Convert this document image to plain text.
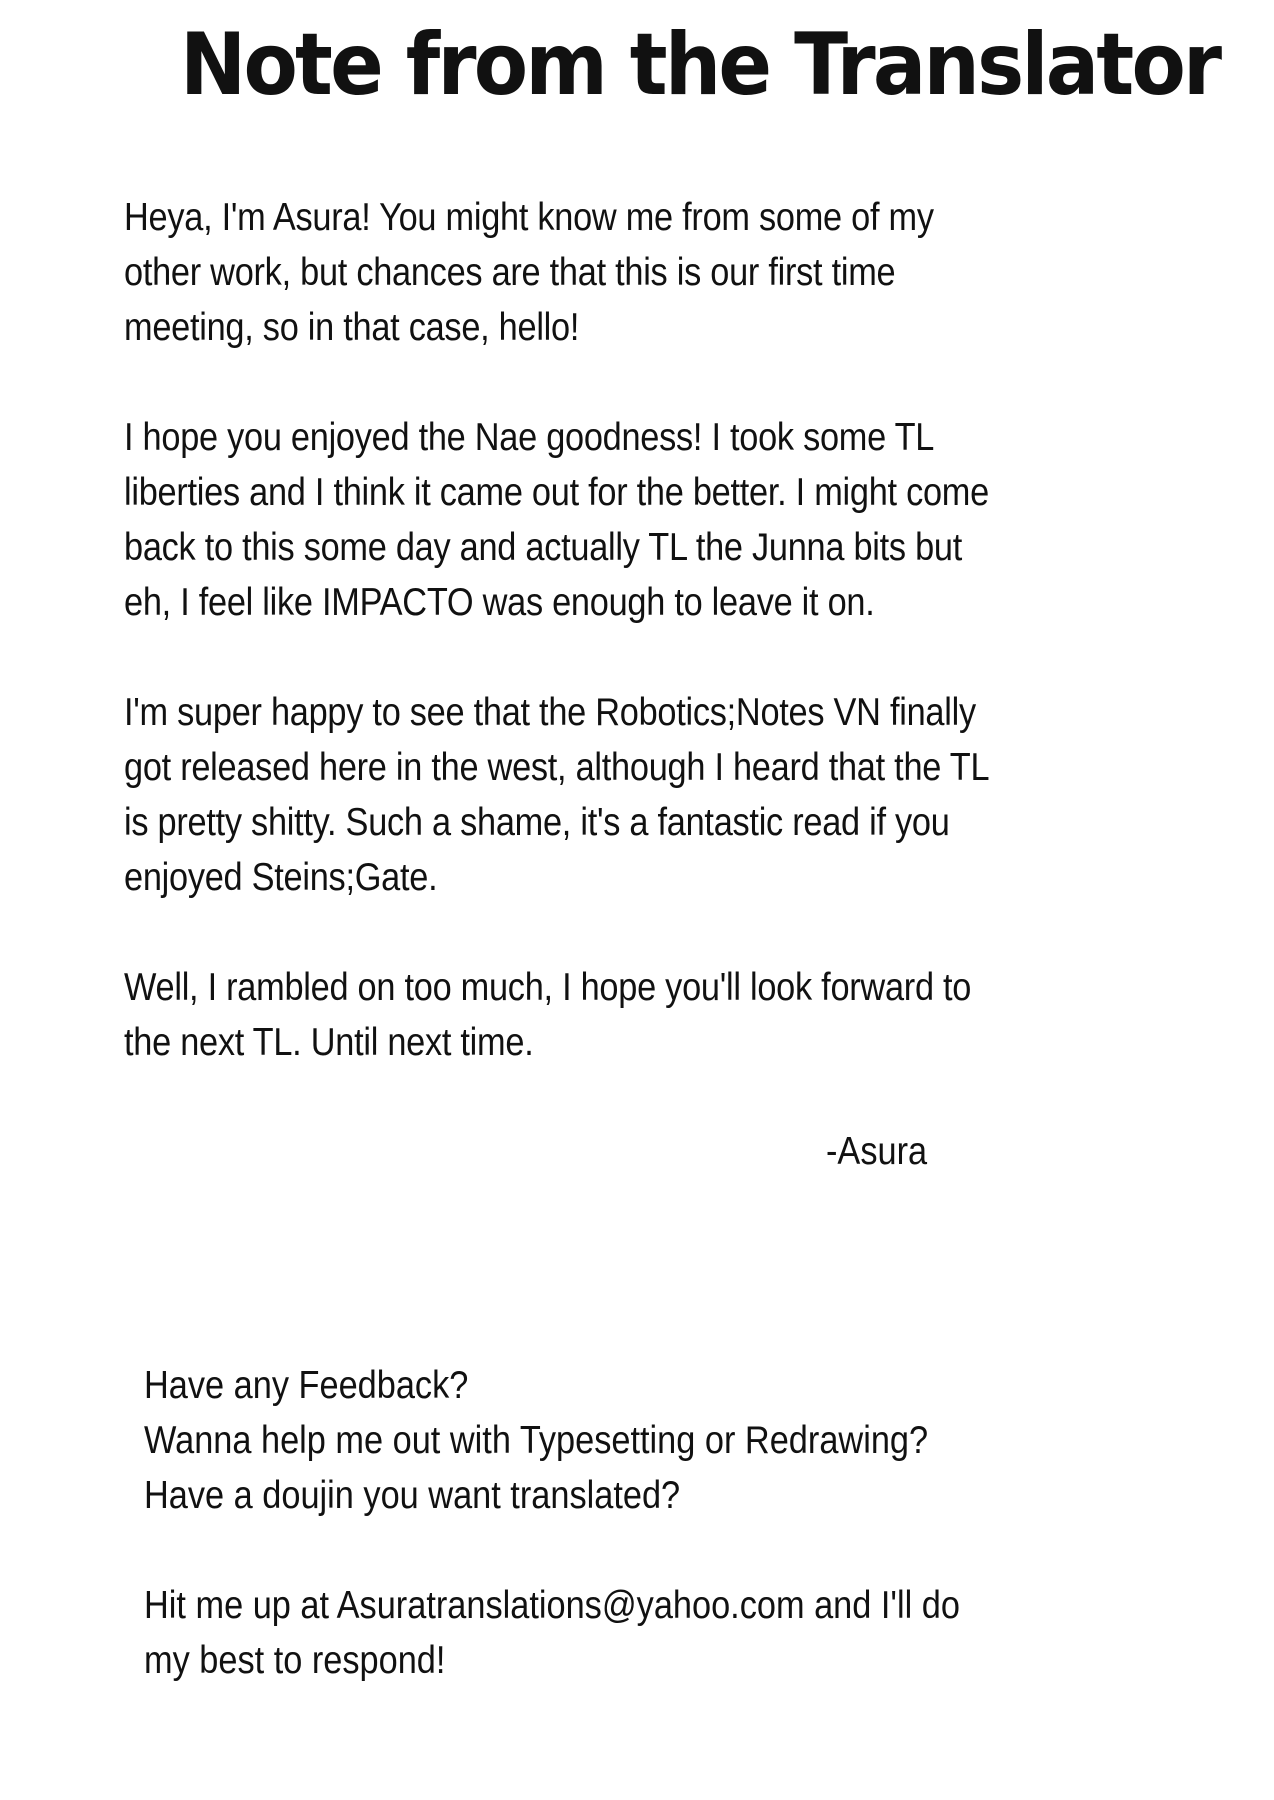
Note from the Translator

Heya, I'm Asura! You might know me from some of my
other work, but chances are that this is our first time
meeting, so in that case, hello!

I hope you enjoyed the Nae goodness! I took some TL
liberties and I think it came out for the better. I might come
back to this some day and actually TL the Junna bits but
eh, I feel like IMPACTO was enough to leave it on.

I'm super happy to see that the Robotics;Notes VN finally
got released here in the west, although I heard that the TL
is pretty shitty. Such a shame, it's a fantastic read if you
enjoyed Steins;Gate.

Well, I rambled on too much, I hope you'll look forward to
the next TL. Until next time.

-Asura
Have any Feedback?
Wanna help me out with Typesetting or Redrawing?
Have a doujin you want translated?
Hit me up at Asuratranslations@yahoo.com and I'll do
my best to respond!
